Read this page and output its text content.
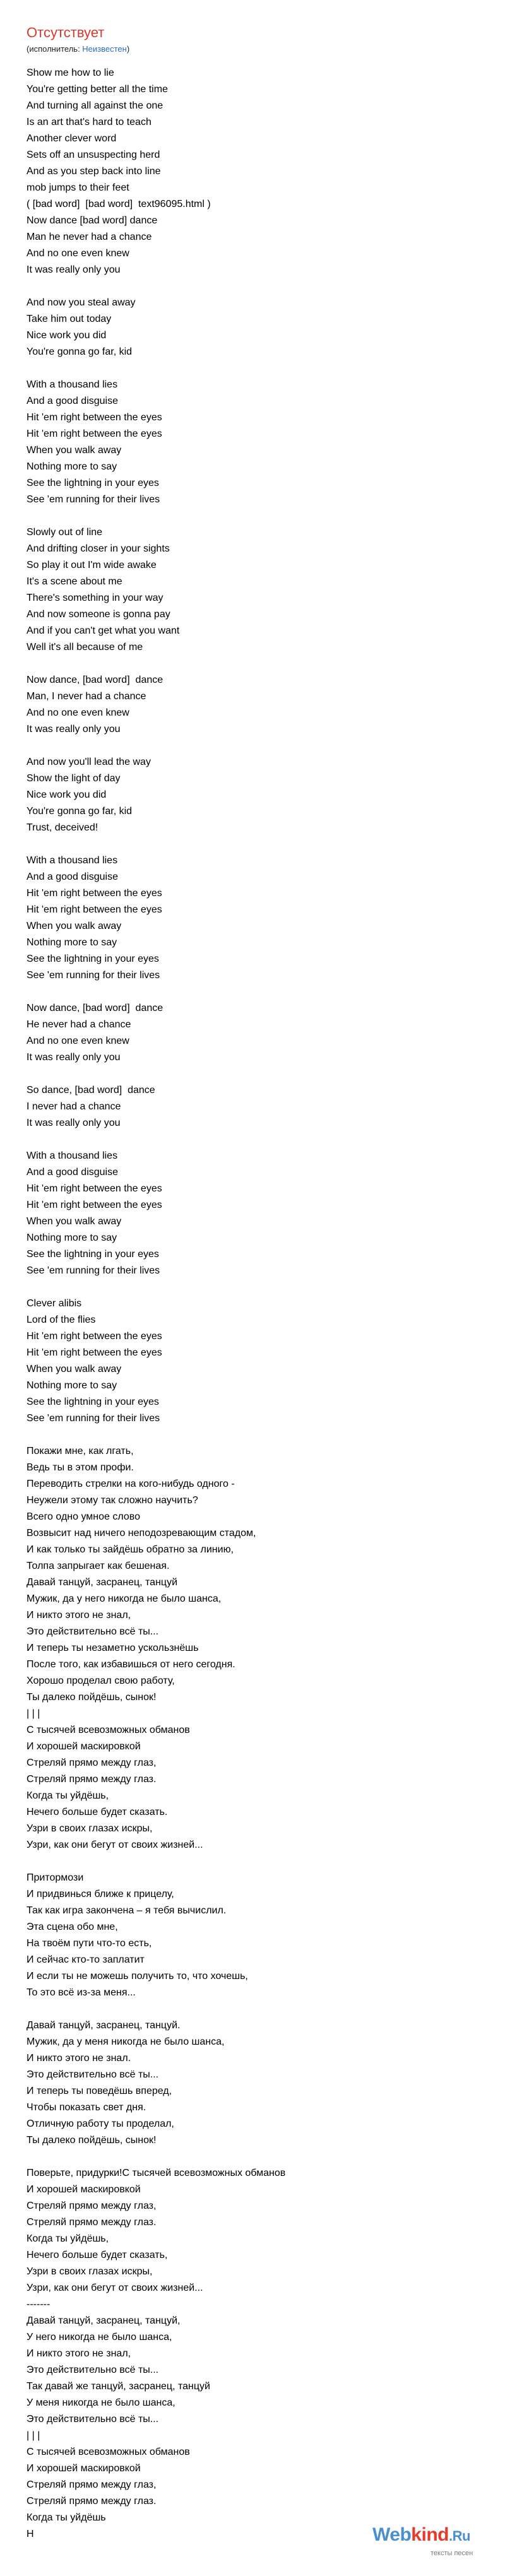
Отсутствует
(исполнитель: Неизвестен)
Show me how to lie
You're getting better all the time
And turning all against the one
Is an art that's hard to teach
Another clever word
Sets off an unsuspecting herd
And as you step back into line
mob jumps to their feet
( [bad word]  [bad word]  text96095.html )
Now dance [bad word] dance
Man he never had a chance
And no one even knew
It was really only you

And now you steal away
Take him out today
Nice work you did
You're gonna go far, kid

With a thousand lies
And a good disguise
Hit 'em right between the eyes
Hit 'em right between the eyes
When you walk away
Nothing more to say
See the lightning in your eyes
See 'em running for their lives

Slowly out of line
And drifting closer in your sights
So play it out I'm wide awake
It's a scene about me
There's something in your way
And now someone is gonna pay
And if you can't get what you want
Well it's all because of me

Now dance, [bad word]  dance
Man, I never had a chance
And no one even knew
It was really only you

And now you'll lead the way
Show the light of day
Nice work you did
You're gonna go far, kid
Trust, deceived!

With a thousand lies
And a good disguise
Hit 'em right between the eyes
Hit 'em right between the eyes
When you walk away
Nothing more to say
See the lightning in your eyes
See 'em running for their lives

Now dance, [bad word]  dance
He never had a chance
And no one even knew
It was really only you

So dance, [bad word]  dance
I never had a chance
It was really only you

With a thousand lies
And a good disguise
Hit 'em right between the eyes
Hit 'em right between the eyes
When you walk away
Nothing more to say
See the lightning in your eyes
See 'em running for their lives

Clever alibis
Lord of the flies
Hit 'em right between the eyes
Hit 'em right between the eyes
When you walk away
Nothing more to say
See the lightning in your eyes
See 'em running for their lives

Покажи мне, как лгать,
Ведь ты в этом профи.
Переводить стрелки на кого-нибудь одного -
Неужели этому так сложно научить?
Всего одно умное слово
Возвысит над ничего неподозревающим стадом,
И как только ты зайдёшь обратно за линию,
Толпа запрыгает как бешеная.
Давай танцуй, засранец, танцуй
Мужик, да у него никогда не было шанса,
И никто этого не знал,
Это действительно всё ты...
И теперь ты незаметно ускользнёшь
После того, как избавишься от него сегодня.
Хорошо проделал свою работу,
Ты далеко пойдёшь, сынок!
| | |
С тысячей всевозможных обманов
И хорошей маскировкой
Стреляй прямо между глаз,
Стреляй прямо между глаз.
Когда ты уйдёшь,
Нечего больше будет сказать.
Узри в своих глазах искры,
Узри, как они бегут от своих жизней...

Притормози
И придвинься ближе к прицелу,
Так как игра закончена – я тебя вычислил.
Эта сцена обо мне,
На твоём пути что-то есть,
И сейчас кто-то заплатит
И если ты не можешь получить то, что хочешь,
То это всё из-за меня...

Давай танцуй, засранец, танцуй.
Мужик, да у меня никогда не было шанса,
И никто этого не знал.
Это действительно всё ты...
И теперь ты поведёшь вперед,
Чтобы показать свет дня.
Отличную работу ты проделал,
Ты далеко пойдёшь, сынок!

Поверьте, придурки!С тысячей всевозможных обманов
И хорошей маскировкой
Стреляй прямо между глаз,
Стреляй прямо между глаз.
Когда ты уйдёшь,
Нечего больше будет сказать,
Узри в своих глазах искры,
Узри, как они бегут от своих жизней...
-------
Давай танцуй, засранец, танцуй,
У него никогда не было шанса,
И никто этого не знал,
Это действительно всё ты...
Так давай же танцуй, засранец, танцуй
У меня никогда не было шанса,
Это действительно всё ты...
| | |
С тысячей всевозможных обманов
И хорошей маскировкой
Стреляй прямо между глаз,
Стреляй прямо между глаз.
Когда ты уйдёшь
Н	Webkind.Ru
тексты песен
